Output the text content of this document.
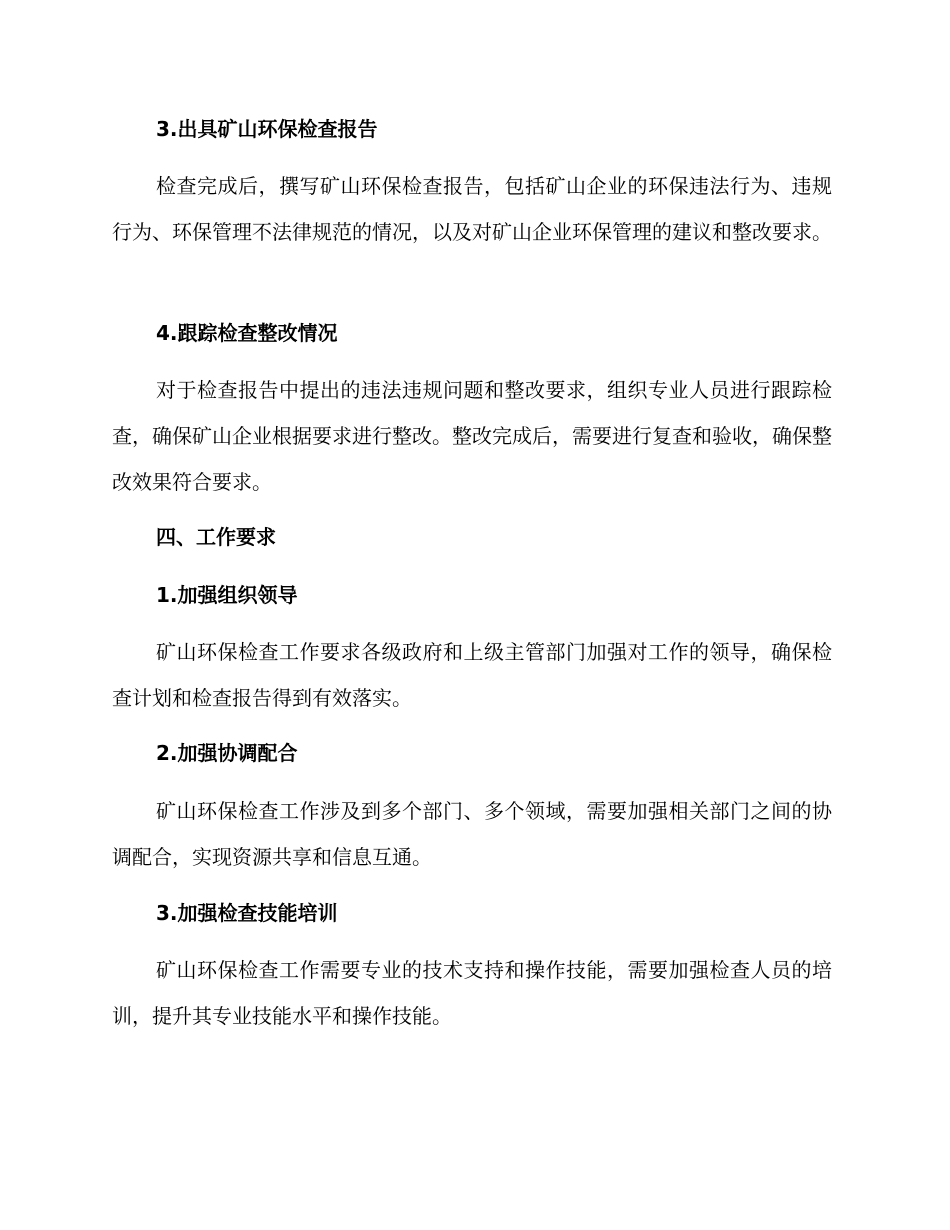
3.出具矿山环保检查报告

检查完成后，撰写矿山环保检查报告，包括矿山企业的环保违法行为、违规行为、环保管理不法律规范的情况，以及对矿山企业环保管理的建议和整改要求。

4.跟踪检查整改情况

对于检查报告中提出的违法违规问题和整改要求，组织专业人员进行跟踪检查，确保矿山企业根据要求进行整改。整改完成后，需要进行复查和验收，确保整改效果符合要求。

四、工作要求

1.加强组织领导

矿山环保检查工作要求各级政府和上级主管部门加强对工作的领导，确保检查计划和检查报告得到有效落实。

2.加强协调配合

矿山环保检查工作涉及到多个部门、多个领域，需要加强相关部门之间的协调配合，实现资源共享和信息互通。

3.加强检查技能培训

矿山环保检查工作需要专业的技术支持和操作技能，需要加强检查人员的培训，提升其专业技能水平和操作技能。
